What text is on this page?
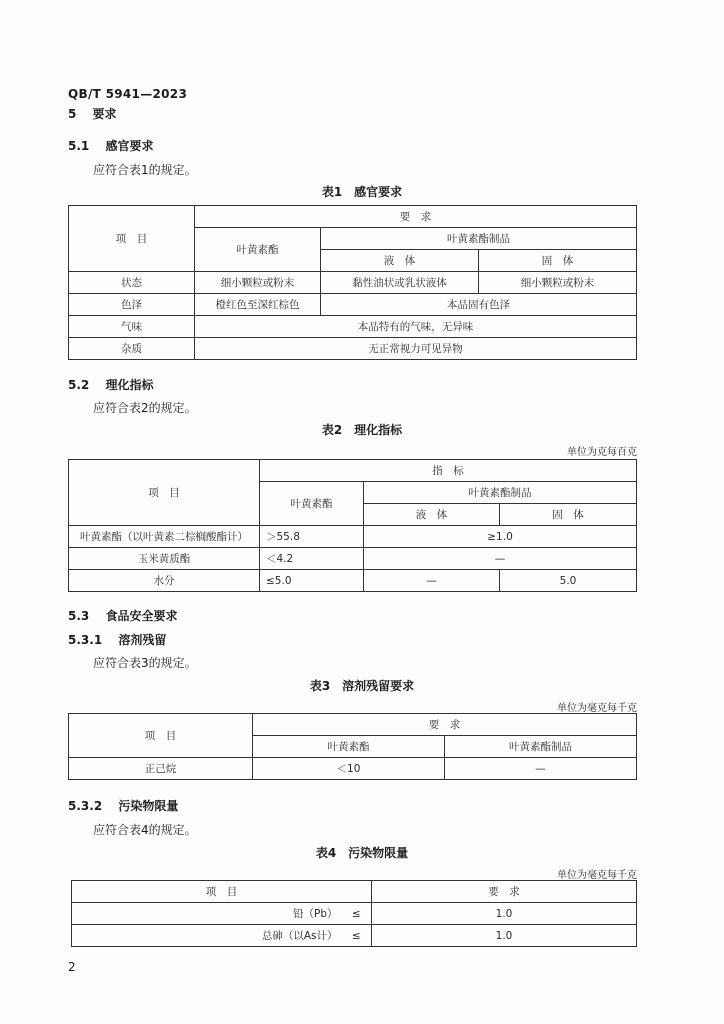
QB/T 5941—2023
5 要求
5.1 感官要求
应符合表1的规定。
表1　感官要求
项　目	要　求		
	叶黄素酯	叶黄素酯制品	
		液　体	固　体
状态	细小颗粒或粉末	黏性油状或乳状液体	细小颗粒或粉末
色泽	橙红色至深红棕色	本品固有色泽	
气味	本品特有的气味，无异味		
杂质	无正常视力可见异物		
5.2 理化指标
应符合表2的规定。
表2　理化指标
单位为克每百克
项　目	指　标		
	叶黄素酯	叶黄素酯制品	
		液　体	固　体
叶黄素酯（以叶黄素二棕榈酸酯计）	＞55.8	≥1.0	
玉米黄质酯	＜4.2	—	
水分	≤5.0	—	5.0
5.3 食品安全要求
5.3.1 溶剂残留
应符合表3的规定。
表3　溶剂残留要求
单位为毫克每千克
项　目	要　求	
	叶黄素酯	叶黄素酯制品
正己烷	＜10	—
5.3.2 污染物限量
应符合表4的规定。
表4　污染物限量
单位为毫克每千克
项　目		要　求
铅（Pb）	≤	1.0
总砷（以As计）	≤	1.0
2
